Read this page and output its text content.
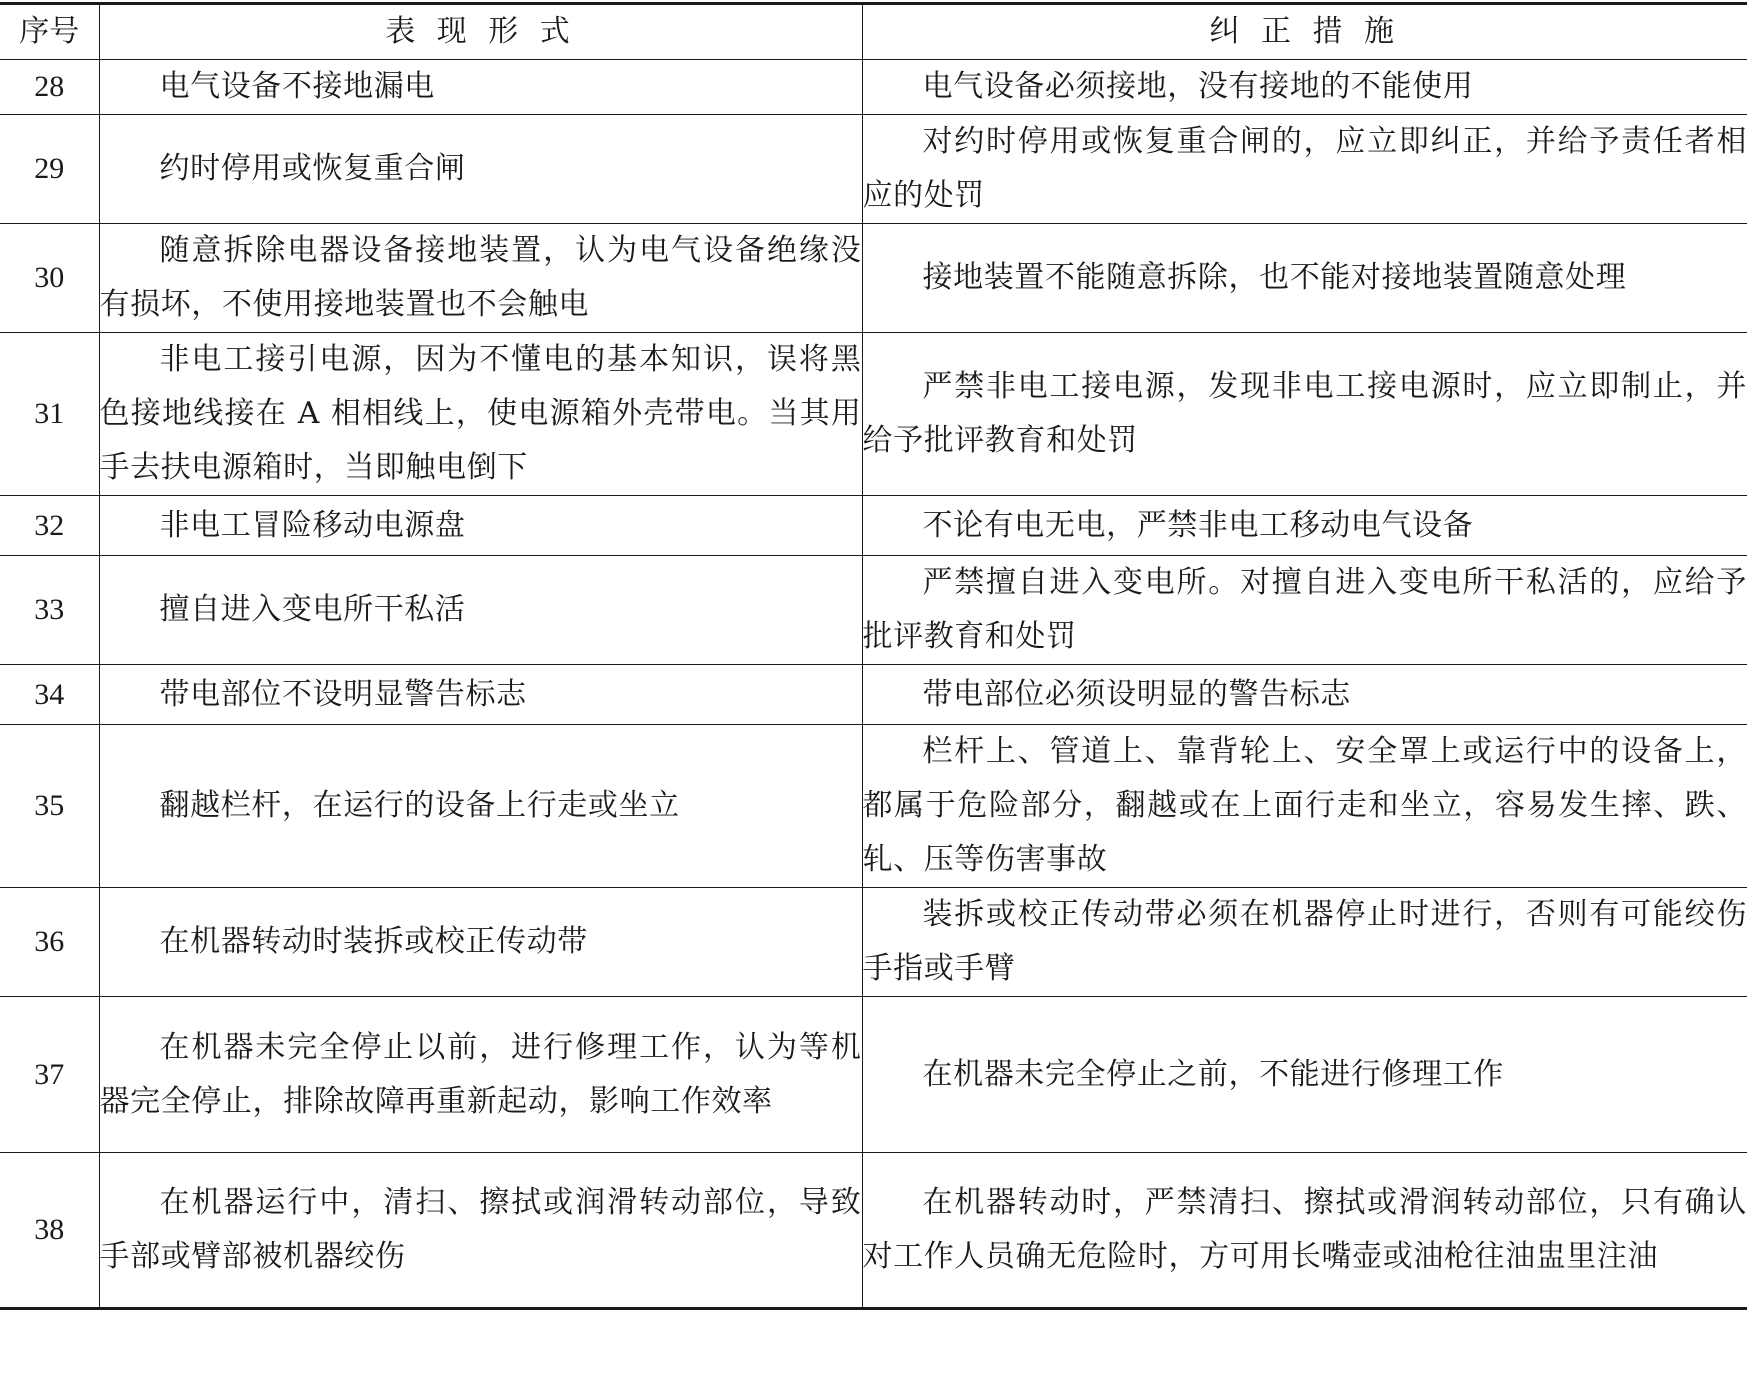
序号	表 现 形 式	纠 正 措 施
28	电气设备不接地漏电	电气设备必须接地，没有接地的不能使用
29	约时停用或恢复重合闸	对约时停用或恢复重合闸的，应立即纠正，并给予责任者相应的处罚
30	随意拆除电器设备接地装置，认为电气设备绝缘没有损坏，不使用接地装置也不会触电	接地装置不能随意拆除，也不能对接地装置随意处理
31	非电工接引电源，因为不懂电的基本知识，误将黑色接地线接在 A 相相线上，使电源箱外壳带电。当其用手去扶电源箱时，当即触电倒下	严禁非电工接电源，发现非电工接电源时，应立即制止，并给予批评教育和处罚
32	非电工冒险移动电源盘	不论有电无电，严禁非电工移动电气设备
33	擅自进入变电所干私活	严禁擅自进入变电所。对擅自进入变电所干私活的，应给予批评教育和处罚
34	带电部位不设明显警告标志	带电部位必须设明显的警告标志
35	翻越栏杆，在运行的设备上行走或坐立	栏杆上、管道上、靠背轮上、安全罩上或运行中的设备上，都属于危险部分，翻越或在上面行走和坐立，容易发生摔、跌、轧、压等伤害事故
36	在机器转动时装拆或校正传动带	装拆或校正传动带必须在机器停止时进行，否则有可能绞伤手指或手臂
37	在机器未完全停止以前，进行修理工作，认为等机器完全停止，排除故障再重新起动，影响工作效率	在机器未完全停止之前，不能进行修理工作
38	在机器运行中，清扫、擦拭或润滑转动部位，导致手部或臂部被机器绞伤	在机器转动时，严禁清扫、擦拭或滑润转动部位，只有确认对工作人员确无危险时，方可用长嘴壶或油枪往油盅里注油
